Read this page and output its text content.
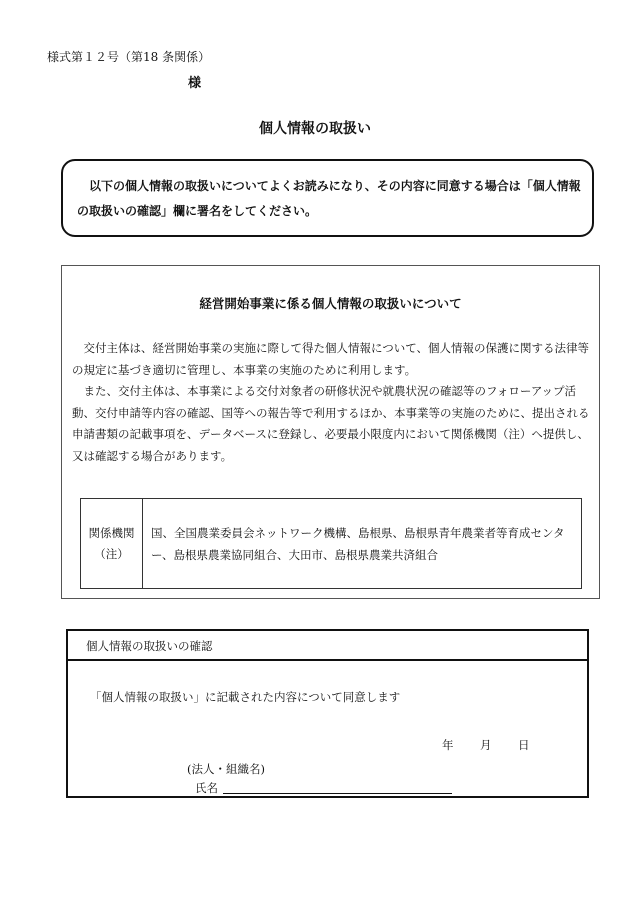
様式第１２号（第18 条関係）
様
個人情報の取扱い

以下の個人情報の取扱いについてよくお読みになり、その内容に同意する場合は「個人情報の取扱いの確認」欄に署名をしてください。

経営開始事業に係る個人情報の取扱いについて

交付主体は、経営開始事業の実施に際して得た個人情報について、個人情報の保護に関する法律等の規定に基づき適切に管理し、本事業の実施のために利用します。

また、交付主体は、本事業による交付対象者の研修状況や就農状況の確認等のフォローアップ活動、交付申請等内容の確認、国等への報告等で利用するほか、本事業等の実施のために、提出される申請書類の記載事項を、データベースに登録し、必要最小限度内において関係機関（注）へ提供し、又は確認する場合があります。

関係機関
（注）
国、全国農業委員会ネットワーク機構、島根県、島根県青年農業者等育成センター、島根県農業協同組合、大田市、島根県農業共済組合
個人情報の取扱いの確認
「個人情報の取扱い」に記載された内容について同意します
年 月 日
(法人・組織名)
氏名
